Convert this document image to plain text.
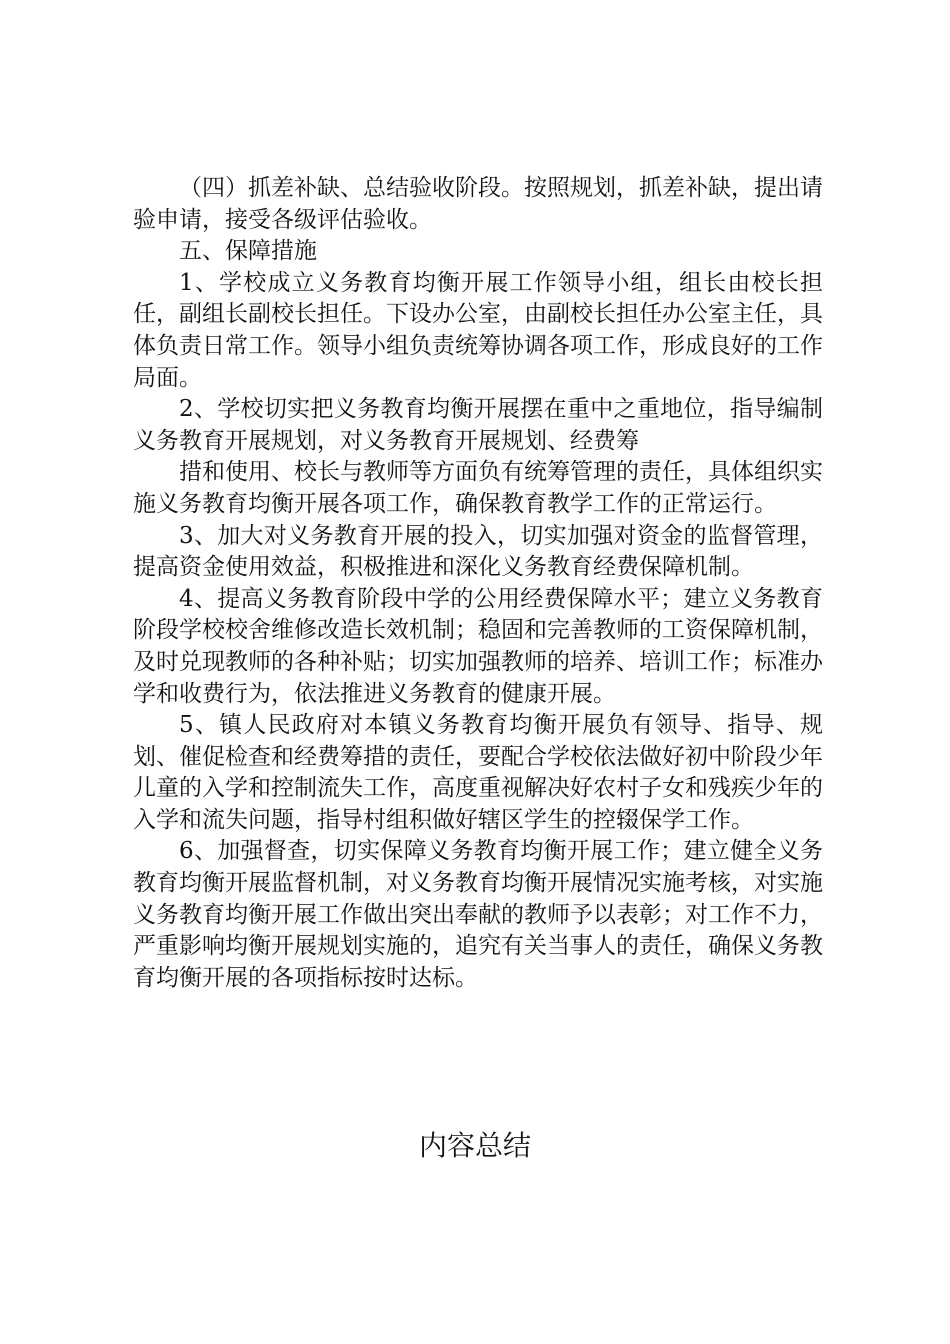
（四）抓差补缺、总结验收阶段。按照规划，抓差补缺，提出请验申请，接受各级评估验收。

五、保障措施

1、学校成立义务教育均衡开展工作领导小组，组长由校长担任，副组长副校长担任。下设办公室，由副校长担任办公室主任，具体负责日常工作。领导小组负责统筹协调各项工作，形成良好的工作局面。

2、学校切实把义务教育均衡开展摆在重中之重地位，指导编制义务教育开展规划，对义务教育开展规划、经费筹

措和使用、校长与教师等方面负有统筹管理的责任，具体组织实施义务教育均衡开展各项工作，确保教育教学工作的正常运行。

3、加大对义务教育开展的投入，切实加强对资金的监督管理，提高资金使用效益，积极推进和深化义务教育经费保障机制。

4、提高义务教育阶段中学的公用经费保障水平；建立义务教育阶段学校校舍维修改造长效机制；稳固和完善教师的工资保障机制，及时兑现教师的各种补贴；切实加强教师的培养、培训工作；标准办学和收费行为，依法推进义务教育的健康开展。

5、镇人民政府对本镇义务教育均衡开展负有领导、指导、规划、催促检查和经费筹措的责任，要配合学校依法做好初中阶段少年儿童的入学和控制流失工作，高度重视解决好农村子女和残疾少年的入学和流失问题，指导村组积做好辖区学生的控辍保学工作。

6、加强督查，切实保障义务教育均衡开展工作；建立健全义务教育均衡开展监督机制，对义务教育均衡开展情况实施考核，对实施义务教育均衡开展工作做出突出奉献的教师予以表彰；对工作不力，严重影响均衡开展规划实施的，追究有关当事人的责任，确保义务教育均衡开展的各项指标按时达标。

内容总结
